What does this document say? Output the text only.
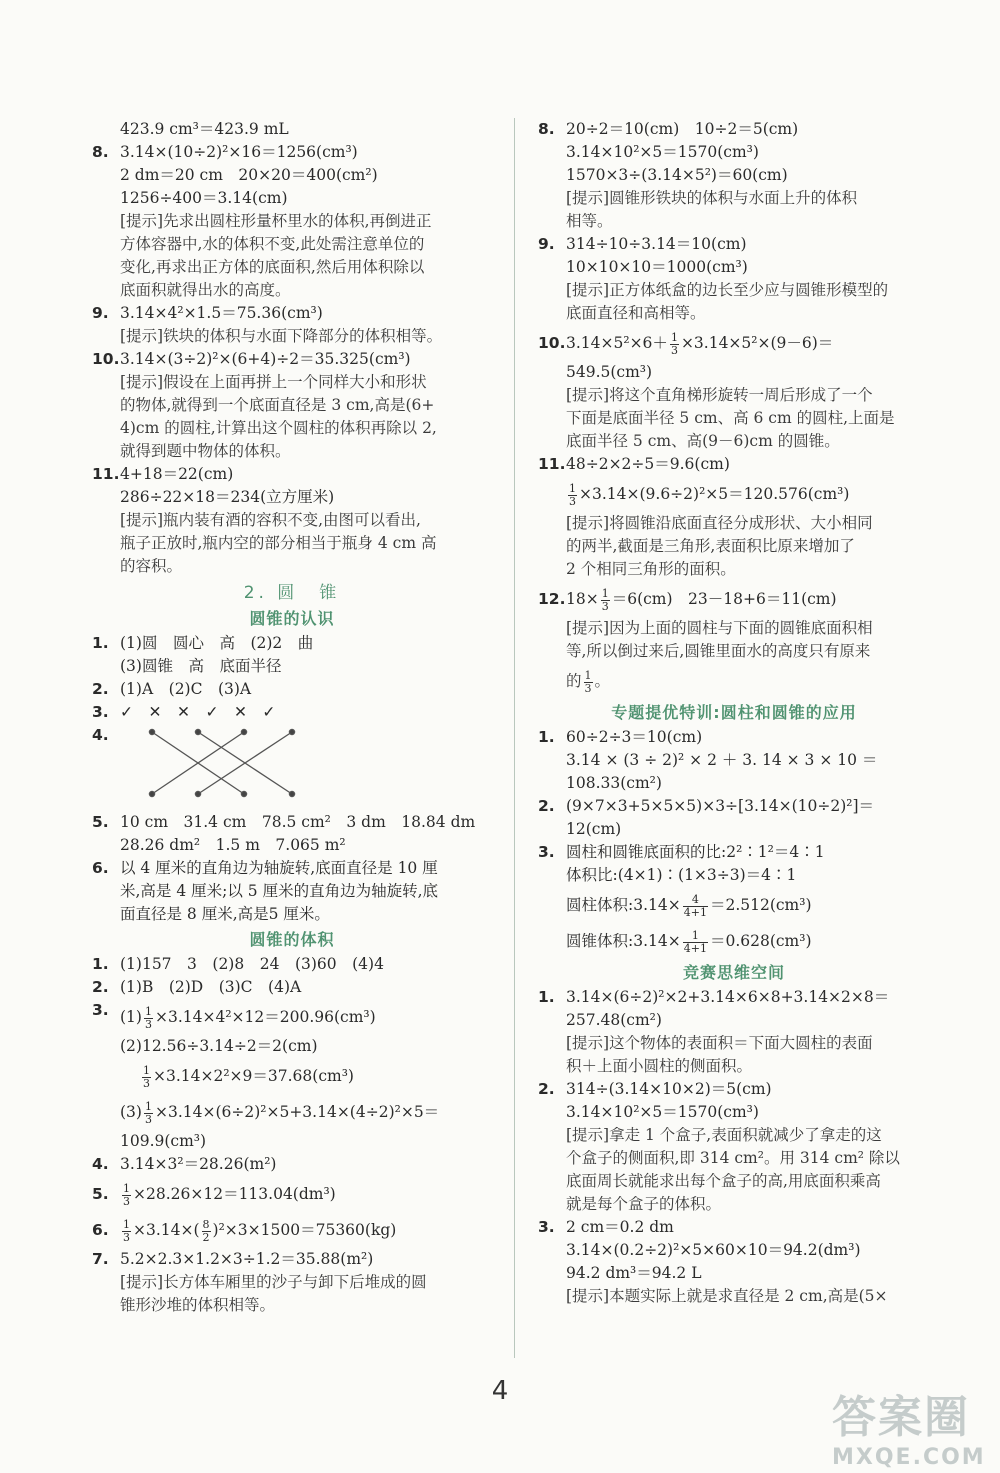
423.9 cm³＝423.9 mL
8. 3.14×(10÷2)²×16＝1256(cm³)
2 dm＝20 cm　20×20＝400(cm²)
1256÷400＝3.14(cm)
[提示]先求出圆柱形量杯里水的体积,再倒进正
方体容器中,水的体积不变,此处需注意单位的
变化,再求出正方体的底面积,然后用体积除以
底面积就得出水的高度。
9. 3.14×4²×1.5＝75.36(cm³)
[提示]铁块的体积与水面下降部分的体积相等。
10. 3.14×(3÷2)²×(6+4)÷2＝35.325(cm³)
[提示]假设在上面再拼上一个同样大小和形状
的物体,就得到一个底面直径是 3 cm,高是(6+
4)cm 的圆柱,计算出这个圆柱的体积再除以 2,
就得到题中物体的体积。
11. 4+18＝22(cm)
286÷22×18＝234(立方厘米)
[提示]瓶内装有酒的容积不变,由图可以看出,
瓶子正放时,瓶内空的部分相当于瓶身 4 cm 高
的容积。
2. 圆　锥
圆锥的认识
1. (1)圆　圆心　高　(2)2　曲
(3)圆锥　高　底面半径
2. (1)A　(2)C　(3)A
3. ✓　✕　✕　✓　✕　✓
4.
5. 10 cm　31.4 cm　78.5 cm²　3 dm　18.84 dm
28.26 dm²　1.5 m　7.065 m²
6. 以 4 厘米的直角边为轴旋转,底面直径是 10 厘
米,高是 4 厘米;以 5 厘米的直角边为轴旋转,底
面直径是 8 厘米,高是5 厘米。
圆锥的体积
1. (1)157　3　(2)8　24　(3)60　(4)4
2. (1)B　(2)D　(3)C　(4)A
3. $(1) \frac{1}{3} \times 3.14\times 4^2\times 12=200.96(cm^3)$
(2)12.56÷3.14÷2＝2(cm)
$\frac{1}{3} \times 3.14\times 2^2\times 9=37.68(cm^3)$
$(3) \frac{1}{3} \times 3.14\times(6\div 2)^2\times 5+3.14\times(4\div 2)^2\times 5=$
109.9(cm³)
4. 3.14×3²＝28.26(m²)
5. $\frac{1}{3} \times 28.26\times 12=113.04(dm^3)$
6. $\frac{1}{3} \times 3.14\times( \frac{8}{2} )^2\times 3\times 1500=75360(kg)$
7. 5.2×2.3×1.2×3÷1.2＝35.88(m²)
[提示]长方体车厢里的沙子与卸下后堆成的圆
锥形沙堆的体积相等。
8. 20÷2＝10(cm)　10÷2＝5(cm)
3.14×10²×5＝1570(cm³)
1570×3÷(3.14×5²)＝60(cm)
[提示]圆锥形铁块的体积与水面上升的体积
相等。
9. 314÷10÷3.14＝10(cm)
10×10×10＝1000(cm³)
[提示]正方体纸盒的边长至少应与圆锥形模型的
底面直径和高相等。
10. $3.14\times 5^2\times 6+ \frac{1}{3} \times 3.14\times 5^2\times(9-6)=$
549.5(cm³)
[提示]将这个直角梯形旋转一周后形成了一个
下面是底面半径 5 cm、高 6 cm 的圆柱,上面是
底面半径 5 cm、高(9－6)cm 的圆锥。
11. 48÷2×2÷5＝9.6(cm)
$\frac{1}{3} \times 3.14\times(9.6\div 2)^2\times 5=120.576(cm^3)$
[提示]将圆锥沿底面直径分成形状、大小相同
的两半,截面是三角形,表面积比原来增加了
2 个相同三角形的面积。
12. $18\times \frac{1}{3} =6(cm)$　23－18+6＝11(cm)
[提示]因为上面的圆柱与下面的圆锥底面积相
等,所以倒过来后,圆锥里面水的高度只有原来
的 $\frac{1}{3}$ 。
专题提优特训:圆柱和圆锥的应用
1. 60÷2÷3＝10(cm)
3.14 × (3 ÷ 2)² × 2 ＋ 3. 14 × 3 × 10 ＝
108.33(cm²)
2. (9×7×3+5×5×5)×3÷[3.14×(10÷2)²]＝
12(cm)
3. 圆柱和圆锥底面积的比:2²∶1²＝4∶1
体积比:(4×1)∶(1×3÷3)＝4∶1
圆柱体积:3.14× $\frac{4}{4+1} =2.512(cm^3)$
圆锥体积:3.14× $\frac{1}{4+1} =0.628(cm^3)$
竞赛思维空间
1. 3.14×(6÷2)²×2+3.14×6×8+3.14×2×8＝
257.48(cm²)
[提示]这个物体的表面积＝下面大圆柱的表面
积＋上面小圆柱的侧面积。
2. 314÷(3.14×10×2)＝5(cm)
3.14×10²×5＝1570(cm³)
[提示]拿走 1 个盒子,表面积就减少了拿走的这
个盒子的侧面积,即 314 cm²。用 314 cm² 除以
底面周长就能求出每个盒子的高,用底面积乘高
就是每个盒子的体积。
3. 2 cm＝0.2 dm
3.14×(0.2÷2)²×5×60×10＝94.2(dm³)
94.2 dm³＝94.2 L
[提示]本题实际上就是求直径是 2 cm,高是(5×
4
答案圈
MXQE.COM
